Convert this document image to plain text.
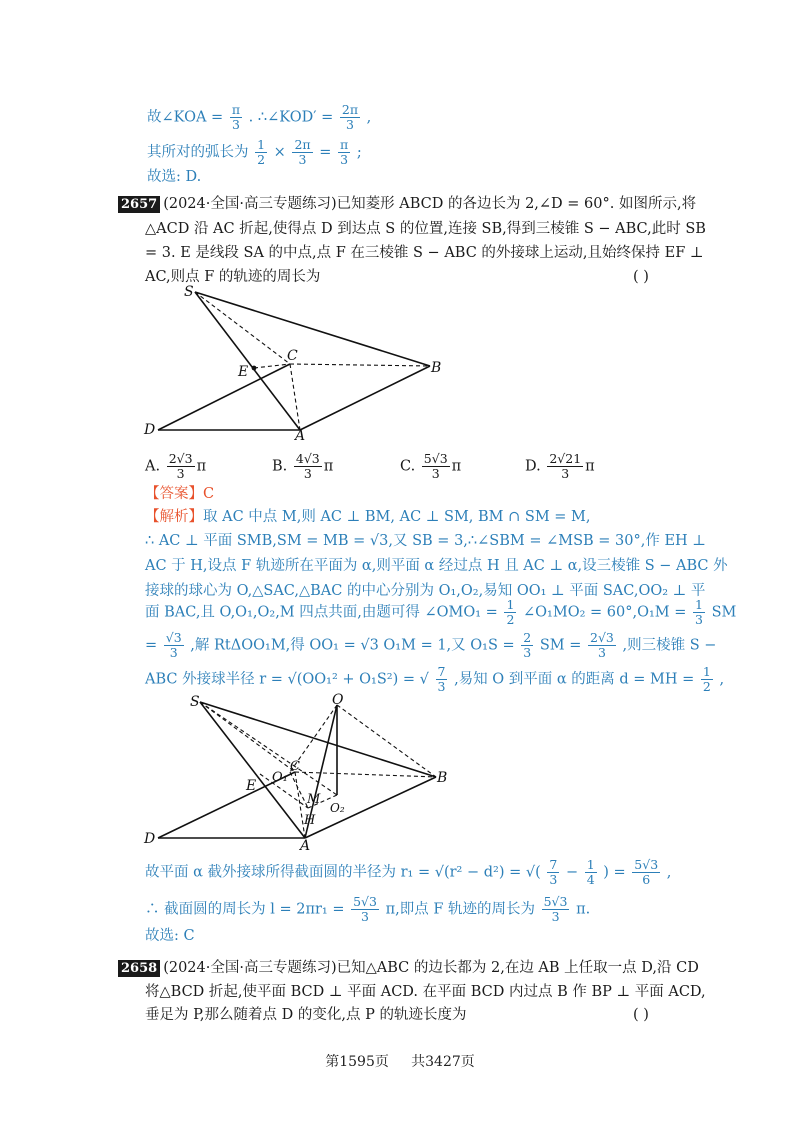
故∠KOA = $\frac{\pi}{3}$ . ∴∠KOD′ = $\frac{2\pi}{3}$ ,
其所对的弧长为 $\frac{1}{2} \times \frac{2\pi}{3} = \frac{\pi}{3}$ ;
故选: D.
2657 (2024·全国·高三专题练习)已知菱形 ABCD 的各边长为 2,∠D = 60°. 如图所示,将
△ACD 沿 AC 折起,使得点 D 到达点 S 的位置,连接 SB,得到三棱锥 S − ABC,此时 SB
= 3. E 是线段 SA 的中点,点 F 在三棱锥 S − ABC 的外接球上运动,且始终保持 EF ⊥
AC,则点 F 的轨迹的周长为	( )
S
C
E	B
D	A
A. $\frac{2√3}{3}$ π	B. $\frac{4√3}{3}$ π	C. $\frac{5√3}{3}$ π	D. $\frac{2√21}{3}$ π
【答案】C
【解析】取 AC 中点 M,则 AC ⊥ BM, AC ⊥ SM, BM ∩ SM = M,
∴ AC ⊥ 平面 SMB,SM = MB = √3,又 SB = 3,∴∠SBM = ∠MSB = 30°,作 EH ⊥
AC 于 H,设点 F 轨迹所在平面为 α,则平面 α 经过点 H 且 AC ⊥ α,设三棱锥 S − ABC 外
接球的球心为 O,△SAC,△BAC 的中心分别为 O₁,O₂,易知 OO₁ ⊥ 平面 SAC,OO₂ ⊥ 平
面 BAC,且 O,O₁,O₂,M 四点共面,由题可得 ∠OMO₁ = $\frac{1}{2}$ ∠O₁MO₂ = $60^\circ,O_1M = \frac{1}{3}$ SM
= $\frac{√3}{3}$ ,解 RtΔOO₁M,得 OO₁ = √3 O₁M = 1,又 $O_1S = \frac{2}{3}$ SM = $\frac{2√3}{3}$ ,则三棱锥 S −
ABC 外接球半径 r = √(OO₁² + O₁S²) = √ $\frac{7}{3}$ ,易知 O 到平面 α 的距离 d = MH = $\frac{1}{2}$ ,
S	O
C
O₁
E	B
M
O₂
H
D	A
故平面 α 截外接球所得截面圆的半径为 r₁ = √(r² − d²) = √( $\frac{7}{3} - \frac{1}{4}$ ) = $\frac{5√3}{6}$ ,
∴ 截面圆的周长为 $l = 2\pi r_1 = \frac{5√3}{3} \pi$,即点 F 轨迹的周长为 $\frac{5√3}{3} \pi$.
故选: C
2658 (2024·全国·高三专题练习)已知△ABC 的边长都为 2,在边 AB 上任取一点 D,沿 CD
将△BCD 折起,使平面 BCD ⊥ 平面 ACD. 在平面 BCD 内过点 B 作 BP ⊥ 平面 ACD,
垂足为 P,那么随着点 D 的变化,点 P 的轨迹长度为	( )
第1595页 共3427页
